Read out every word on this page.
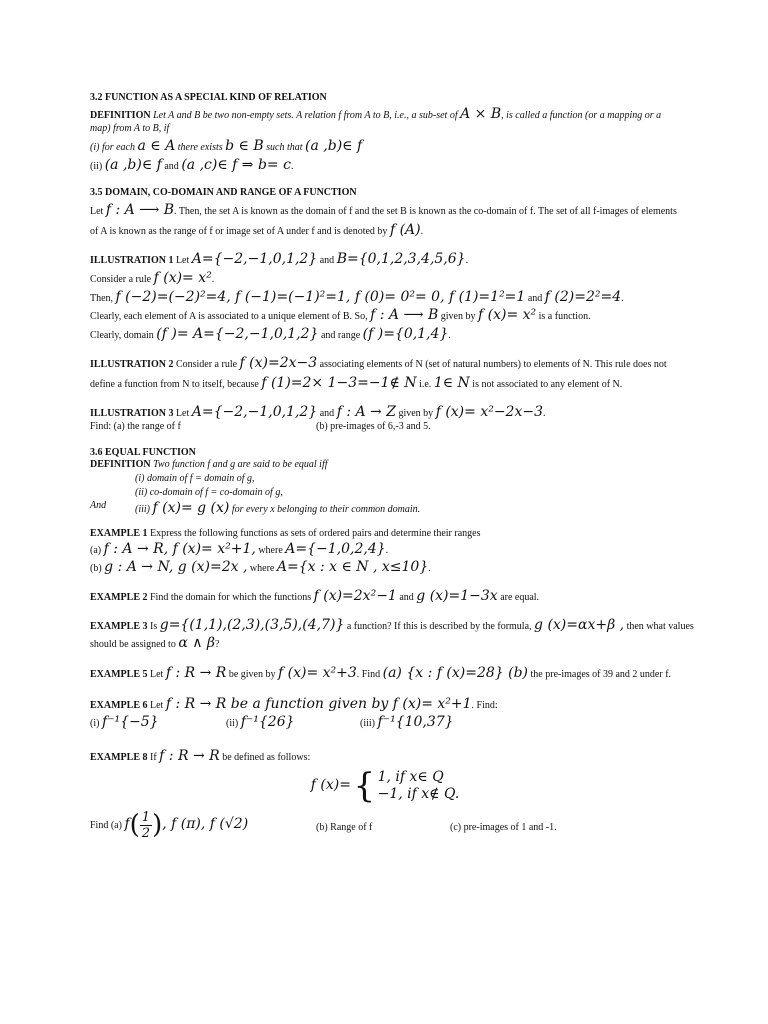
3.2 FUNCTION AS A SPECIAL KIND OF RELATION
DEFINITION Let A and B be two non-empty sets. A relation f from A to B, i.e., a sub-set of A × B, is called a function (or a mapping or a map) from A to B, if
(i) for each a ∈ A there exists b ∈ B such that (a ,b)∈ f
(ii) (a ,b)∈ f and (a ,c)∈ f ⇒ b= c.
3.5 DOMAIN, CO-DOMAIN AND RANGE OF A FUNCTION
Let f : A ⟶ B. Then, the set A is known as the domain of f and the set B is known as the co-domain of f. The set of all f-images of elements
of A is known as the range of f or image set of A under f and is denoted by f (A).
ILLUSTRATION 1 Let A={−2,−1,0,1,2} and B={0,1,2,3,4,5,6}.
Consider a rule f (x)= x².
Then, f (−2)=(−2)²=4, f (−1)=(−1)²=1, f (0)= 0²= 0, f (1)=1²=1 and f (2)=2²=4.
Clearly, each element of A is associated to a unique element of B. So, f : A ⟶ B given by f (x)= x² is a function.
Clearly, domain (f )= A={−2,−1,0,1,2} and range (f )={0,1,4}.
ILLUSTRATION 2 Consider a rule f (x)=2x−3 associating elements of N (set of natural numbers) to elements of N. This rule does not
define a function from N to itself, because f (1)=2× 1−3=−1∉ N i.e. 1∈ N is not associated to any element of N.
ILLUSTRATION 3 Let A={−2,−1,0,1,2} and f : A → Z given by f (x)= x²−2x−3.
Find: (a) the range of f	(b) pre-images of 6,-3 and 5.
3.6 EQUAL FUNCTION
DEFINITION Two function f and g are said to be equal iff
(i) domain of f = domain of g,
(ii) co-domain of f = co-domain of g,
And	(iii) f (x)= g (x) for every x belonging to their common domain.
EXAMPLE 1 Express the following functions as sets of ordered pairs and determine their ranges
(a) f : A → R, f (x)= x²+1, where A={−1,0,2,4}.
(b) g : A → N, g (x)=2x , where A={x : x ∈ N , x≤10}.
EXAMPLE 2 Find the domain for which the functions f (x)=2x²−1 and g (x)=1−3x are equal.
EXAMPLE 3 Is g={(1,1),(2,3),(3,5),(4,7)} a function? If this is described by the formula, g (x)=αx+β , then what values
should be assigned to α ∧ β?
EXAMPLE 5 Let f : R → R be given by f (x)= x²+3. Find (a) {x : f (x)=28} (b) the pre-images of 39 and 2 under f.
EXAMPLE 6 Let f : R → R be a function given by f (x)= x²+1. Find:
(i) f⁻¹{−5}	(ii) f⁻¹{26}	(iii) f⁻¹{10,37}
EXAMPLE 8 If f : R → R be defined as follows:
f (x)= { 1, if x∈ Q
−1, if x∉ Q.
Find (a) $f( \frac{1}{2}$ ), f (π), f (√2)	(b) Range of f	(c) pre-images of 1 and -1.
